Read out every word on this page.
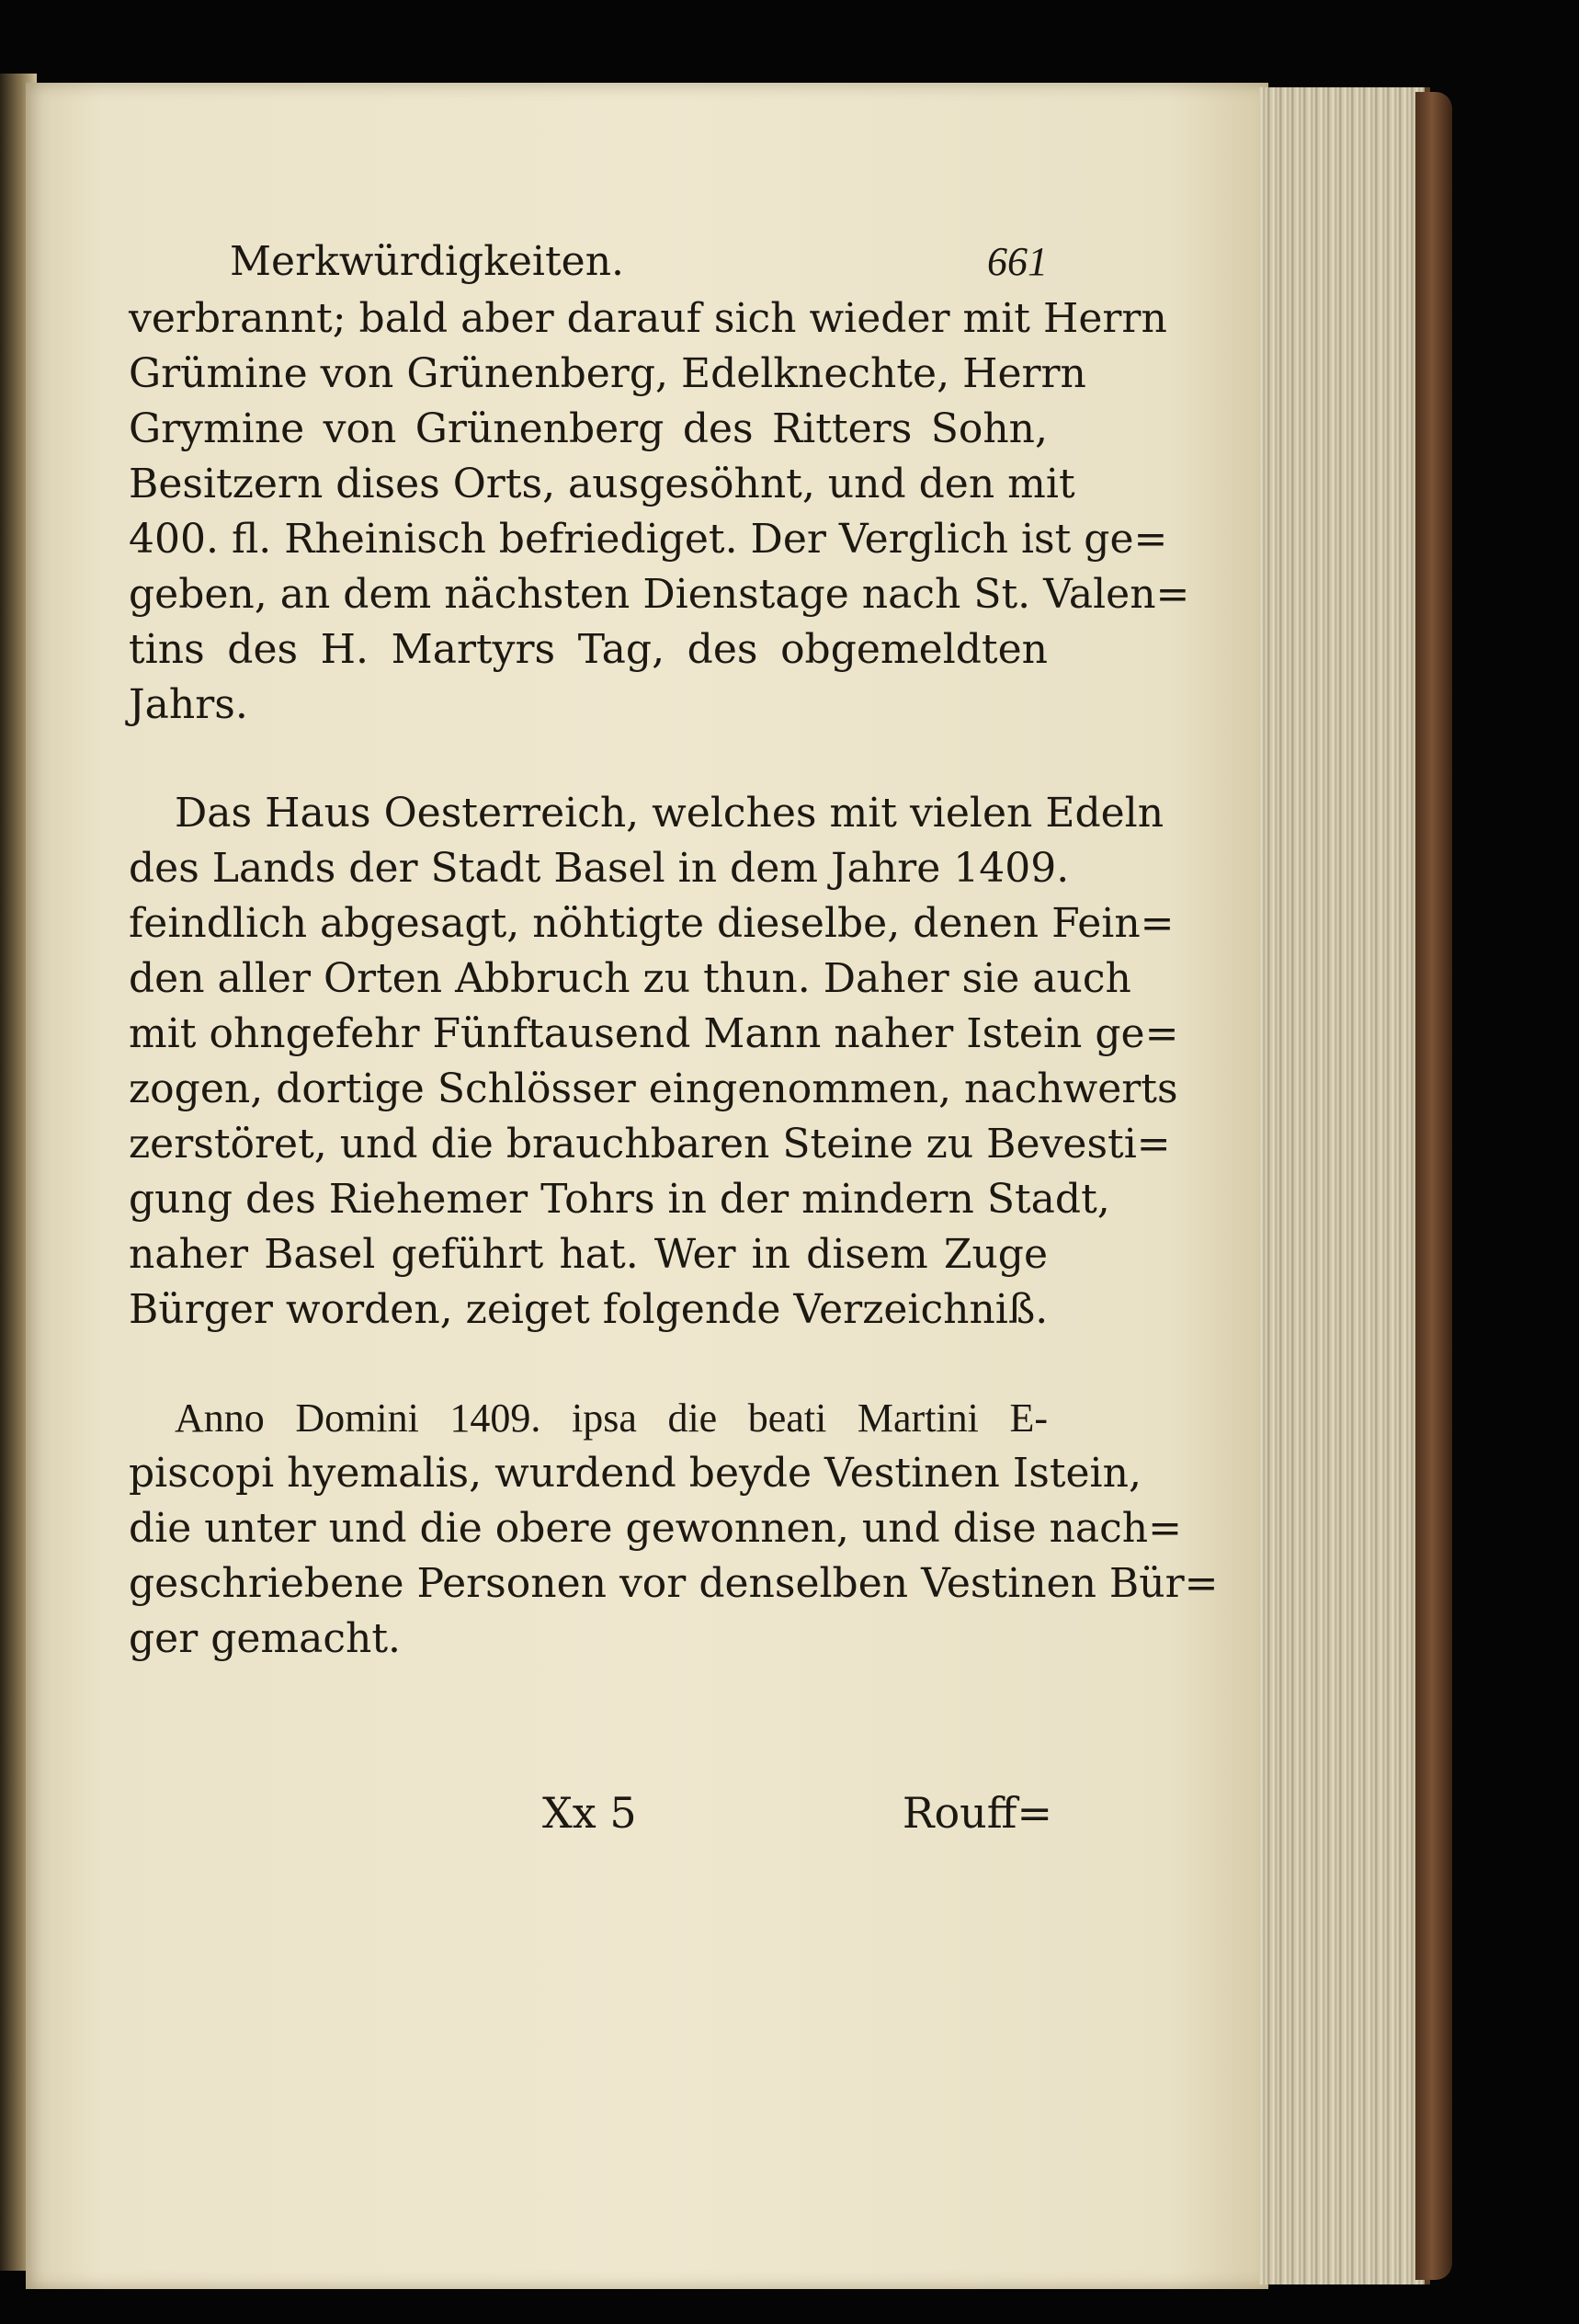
Merkwürdigkeiten.	661
verbrannt; bald aber darauf sich wieder mit Herrn
Grümine von Grünenberg, Edelknechte, Herrn
Grymine von Grünenberg des Ritters Sohn,
Besitzern dises Orts, ausgesöhnt, und den mit
400. fl. Rheinisch befriediget. Der Verglich ist ge=
geben, an dem nächsten Dienstage nach St. Valen=
tins des H. Martyrs Tag, des obgemeldten
Jahrs.
Das Haus Oesterreich, welches mit vielen Edeln
des Lands der Stadt Basel in dem Jahre 1409.
feindlich abgesagt, nöhtigte dieselbe, denen Fein=
den aller Orten Abbruch zu thun. Daher sie auch
mit ohngefehr Fünftausend Mann naher Istein ge=
zogen, dortige Schlösser eingenommen, nachwerts
zerstöret, und die brauchbaren Steine zu Bevesti=
gung des Riehemer Tohrs in der mindern Stadt,
naher Basel geführt hat. Wer in disem Zuge
Bürger worden, zeiget folgende Verzeichniß.
Anno Domini 1409. ipsa die beati Martini E-
piscopi hyemalis, wurdend beyde Vestinen Istein,
die unter und die obere gewonnen, und dise nach=
geschriebene Personen vor denselben Vestinen Bür=
ger gemacht.
Xx 5	Rouff=
